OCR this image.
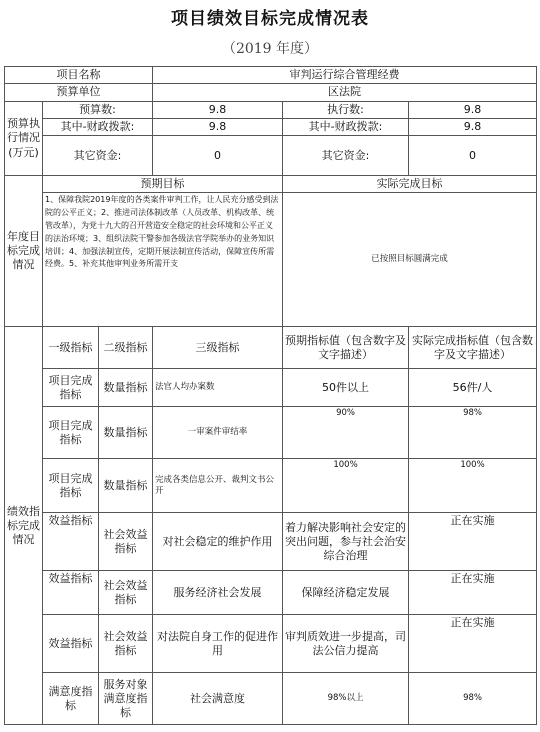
项目绩效目标完成情况表
（2019 年度）
项目名称			审判运行综合管理经费		
预算单位			区法院		
预算执行情况(万元)	预算数:		9.8	执行数:	9.8
	其中-财政拨款:		9.8	其中-财政拨款:	9.8
	其它资金:		0	其它资金:	0
年度目标完成情况	预期目标			实际完成目标	
	1、保障我院2019年度的各类案件审判工作，让人民充分感受到法院的公平正义；2、推进司法体制改革（人员改革、机构改革、统管改革），为党十九大的召开营造安全稳定的社会环境和公平正义的法治环境；3、组织法院干警参加各级法官学院举办的业务知识培训；4、加强法制宣传，定期开展法制宣传活动，保障宣传所需经费。5、补充其他审判业务所需开支			已按照目标圆满完成	
绩效指标完成情况	一级指标	二级指标	三级指标	预期指标值（包含数字及文字描述）	实际完成指标值（包含数字及文字描述）
	项目完成指标	数量指标	法官人均办案数	50件以上	56件/人
	项目完成指标	数量指标	一审案件审结率	90%	98%
	项目完成指标	数量指标	完成各类信息公开、裁判文书公开	100%	100%
	效益指标	社会效益指标	对社会稳定的维护作用	着力解决影响社会安定的突出问题，参与社会治安综合治理	正在实施
	效益指标	社会效益指标	服务经济社会发展	保障经济稳定发展	正在实施
	效益指标	社会效益指标	对法院自身工作的促进作用	审判质效进一步提高，司法公信力提高	正在实施
	满意度指标	服务对象满意度指标	社会满意度	98%以上	98%
